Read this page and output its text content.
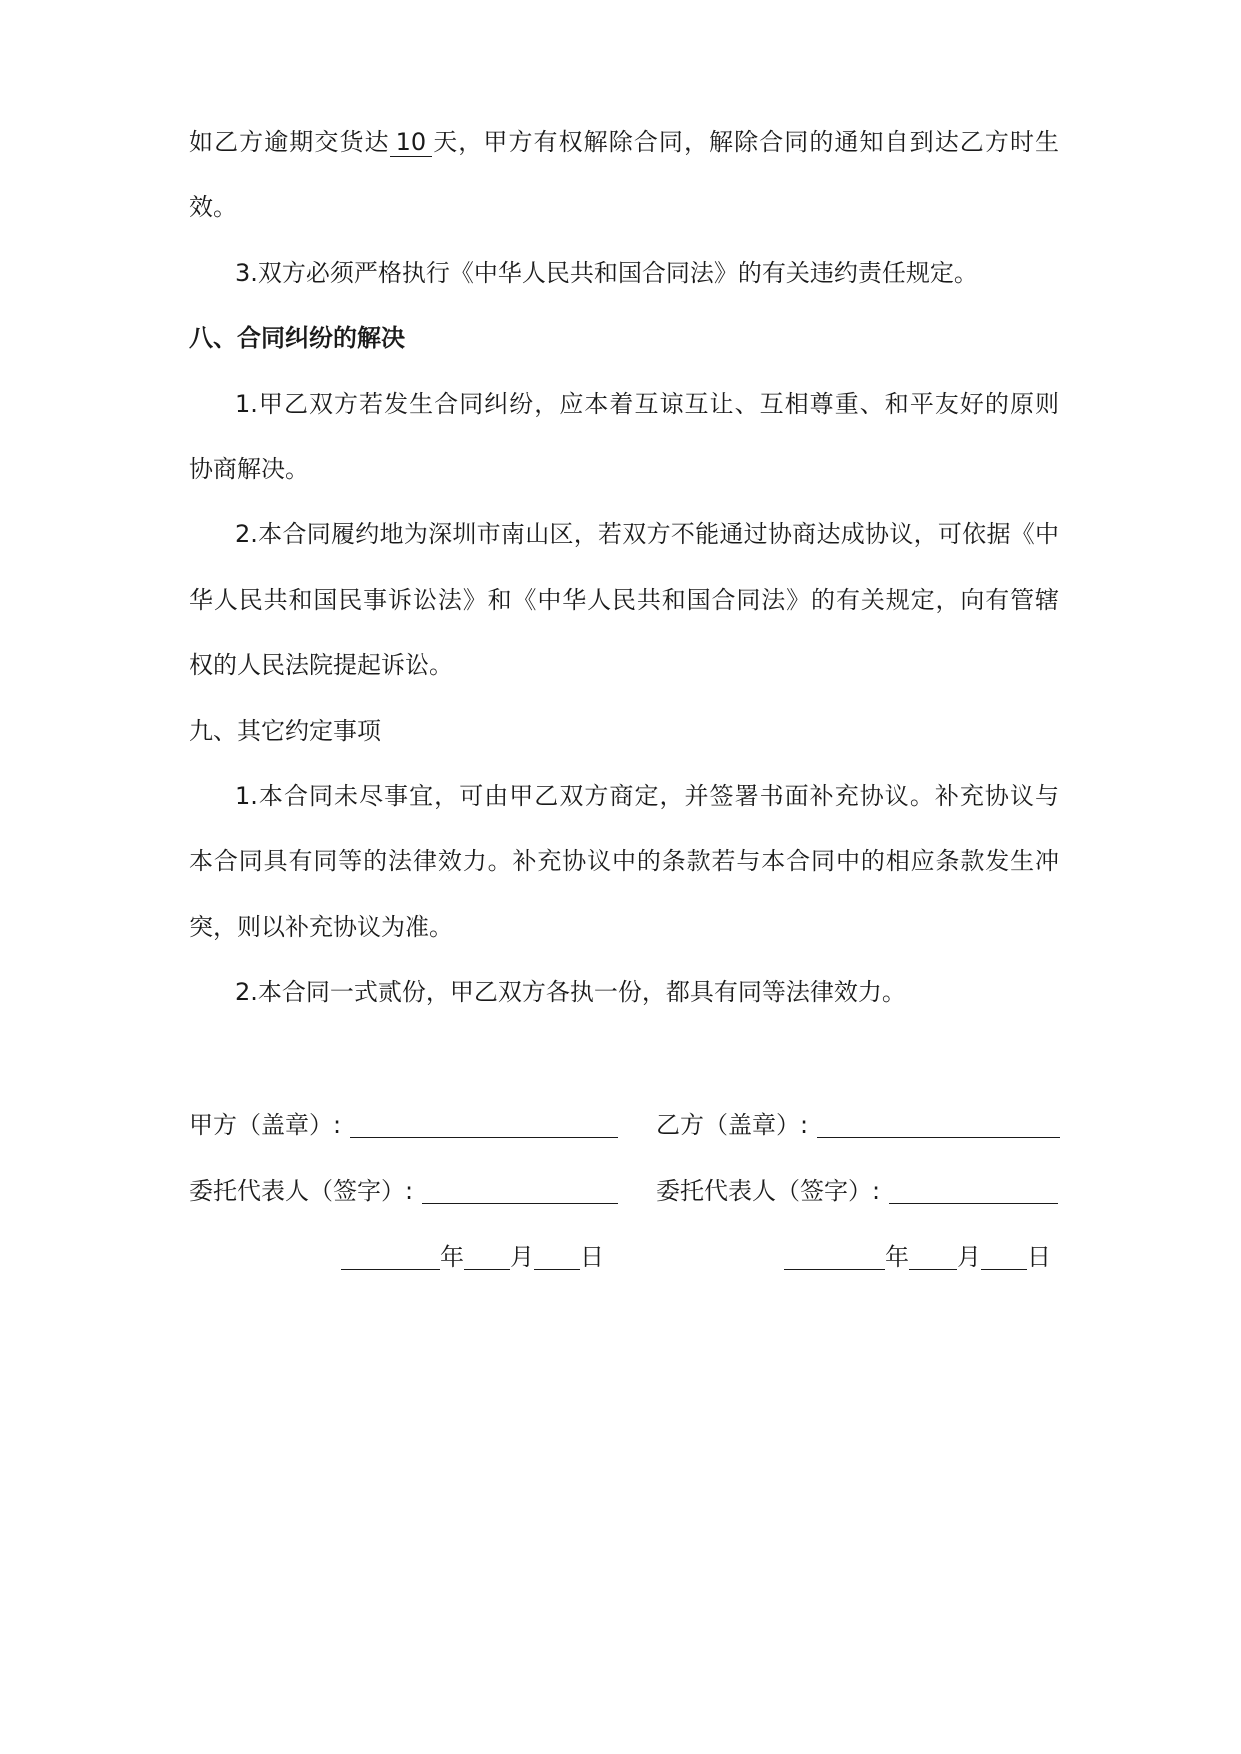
如乙方逾期交货达 10 天，甲方有权解除合同，解除合同的通知自到达乙方时生
效。
3.双方必须严格执行《中华人民共和国合同法》的有关违约责任规定。
八、合同纠纷的解决
1.甲乙双方若发生合同纠纷，应本着互谅互让、互相尊重、和平友好的原则
协商解决。
2.本合同履约地为深圳市南山区，若双方不能通过协商达成协议，可依据《中
华人民共和国民事诉讼法》和《中华人民共和国合同法》的有关规定，向有管辖
权的人民法院提起诉讼。
九、其它约定事项
1.本合同未尽事宜，可由甲乙双方商定，并签署书面补充协议。补充协议与
本合同具有同等的法律效力。补充协议中的条款若与本合同中的相应条款发生冲
突，则以补充协议为准。
2.本合同一式贰份，甲乙双方各执一份，都具有同等法律效力。
甲方（盖章）:	乙方（盖章）:
委托代表人（签字）:	委托代表人（签字）:
年 月 日	年 月 日
